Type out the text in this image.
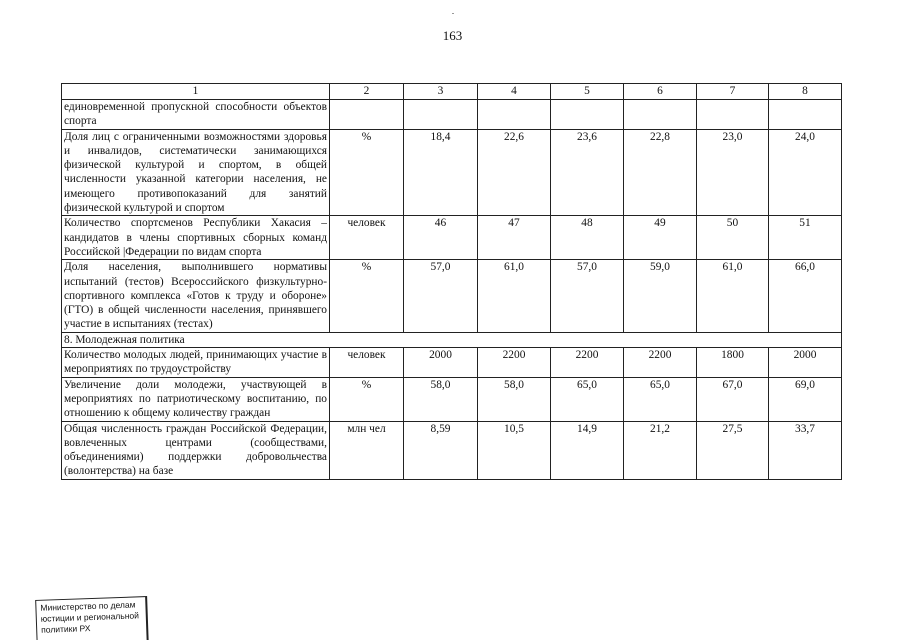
163
1	2	3	4	5	6	7	8
единовременной пропускной способности объектов спорта							
Доля лиц с ограниченными возможностями здоровья и инвалидов, систематически занимающихся физической культурой и спортом, в общей численности указанной категории населения, не имеющего противопоказаний для занятий физической культурой и спортом	%	18,4	22,6	23,6	22,8	23,0	24,0
Количество спортсменов Республики Хакасия – кандидатов в члены спортивных сборных команд Российской |Федерации по видам спорта	человек	46	47	48	49	50	51
Доля населения, выполнившего нормативы испытаний (тестов) Всероссийского физкультурно-спортивного комплекса «Готов к труду и обороне» (ГТО) в общей численности населения, принявшего участие в испытаниях (тестах)	%	57,0	61,0	57,0	59,0	61,0	66,0
8. Молодежная политика							
Количество молодых людей, принимающих участие в мероприятиях по трудоустройству	человек	2000	2200	2200	2200	1800	2000
Увеличение доли молодежи, участвующей в мероприятиях по патриотическому воспитанию, по отношению к общему количеству граждан	%	58,0	58,0	65,0	65,0	67,0	69,0
Общая численность граждан Российской Федерации, вовлеченных центрами (сообществами, объединениями) поддержки добровольчества (волонтерства) на базе	млн чел	8,59	10,5	14,9	21,2	27,5	33,7
Министерство по делам
юстиции и региональной
политики РХ
